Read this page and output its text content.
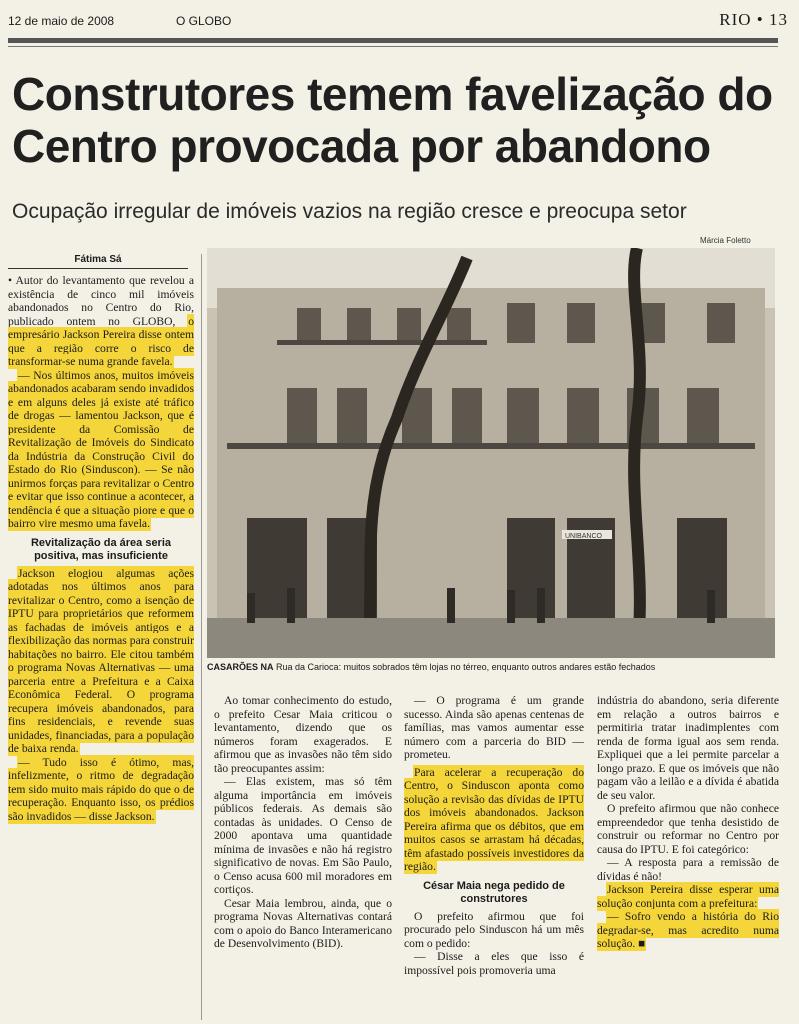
12 de maio de 2008	O GLOBO	RIO • 13
Construtores temem favelização do Centro provocada por abandono
Ocupação irregular de imóveis vazios na região cresce e preocupa setor
Márcia Foletto
Fátima Sá

• Autor do levantamento que revelou a existência de cinco mil imóveis abandonados no Centro do Rio, publicado ontem no GLOBO, o empresário Jackson Pereira disse ontem que a região corre o risco de transformar-se numa grande favela.

— Nos últimos anos, muitos imóveis abandonados acabaram sendo invadidos e em alguns deles já existe até tráfico de drogas — lamentou Jackson, que é presidente da Comissão de Revitalização de Imóveis do Sindicato da Indústria da Construção Civil do Estado do Rio (Sinduscon). — Se não unirmos forças para revitalizar o Centro e evitar que isso continue a acontecer, a tendência é que a situação piore e que o bairro vire mesmo uma favela.

Revitalização da área seria positiva, mas insuficiente

Jackson elogiou algumas ações adotadas nos últimos anos para revitalizar o Centro, como a isenção de IPTU para proprietários que reformem as fachadas de imóveis antigos e a flexibilização das normas para construir habitações no bairro. Ele citou também o programa Novas Alternativas — uma parceria entre a Prefeitura e a Caixa Econômica Federal. O programa recupera imóveis abandonados, para fins residenciais, e revende suas unidades, financiadas, para a população de baixa renda.

— Tudo isso é ótimo, mas, infelizmente, o ritmo de degradação tem sido muito mais rápido do que o de recuperação. Enquanto isso, os prédios são invadidos — disse Jackson.

UNIBANCO
CASARÕES NA Rua da Carioca: muitos sobrados têm lojas no térreo, enquanto outros andares estão fechados

Ao tomar conhecimento do estudo, o prefeito Cesar Maia criticou o levantamento, dizendo que os números foram exagerados. E afirmou que as invasões não têm sido tão preocupantes assim:

— Elas existem, mas só têm alguma importância em imóveis públicos federais. As demais são contadas às unidades. O Censo de 2000 apontava uma quantidade mínima de invasões e não há registro significativo de novas. Em São Paulo, o Censo acusa 600 mil moradores em cortiços.

Cesar Maia lembrou, ainda, que o programa Novas Alternativas contará com o apoio do Banco Interamericano de Desenvolvimento (BID).

— O programa é um grande sucesso. Ainda são apenas centenas de famílias, mas vamos aumentar esse número com a parceria do BID — prometeu.

Para acelerar a recuperação do Centro, o Sinduscon aponta como solução a revisão das dívidas de IPTU dos imóveis abandonados. Jackson Pereira afirma que os débitos, que em muitos casos se arrastam há décadas, têm afastado possíveis investidores da região.

César Maia nega pedido de construtores

O prefeito afirmou que foi procurado pelo Sinduscon há um mês com o pedido:

— Disse a eles que isso é impossível pois promoveria uma

indústria do abandono, seria diferente em relação a outros bairros e permitiria tratar inadimplentes com renda de forma igual aos sem renda. Expliquei que a lei permite parcelar a longo prazo. E que os imóveis que não pagam vão a leilão e a dívida é abatida de seu valor.

O prefeito afirmou que não conhece empreendedor que tenha desistido de construir ou reformar no Centro por causa do IPTU. E foi categórico:

— A resposta para a remissão de dívidas é não!

Jackson Pereira disse esperar uma solução conjunta com a prefeitura:

— Sofro vendo a história do Rio degradar-se, mas acredito numa solução. ■
